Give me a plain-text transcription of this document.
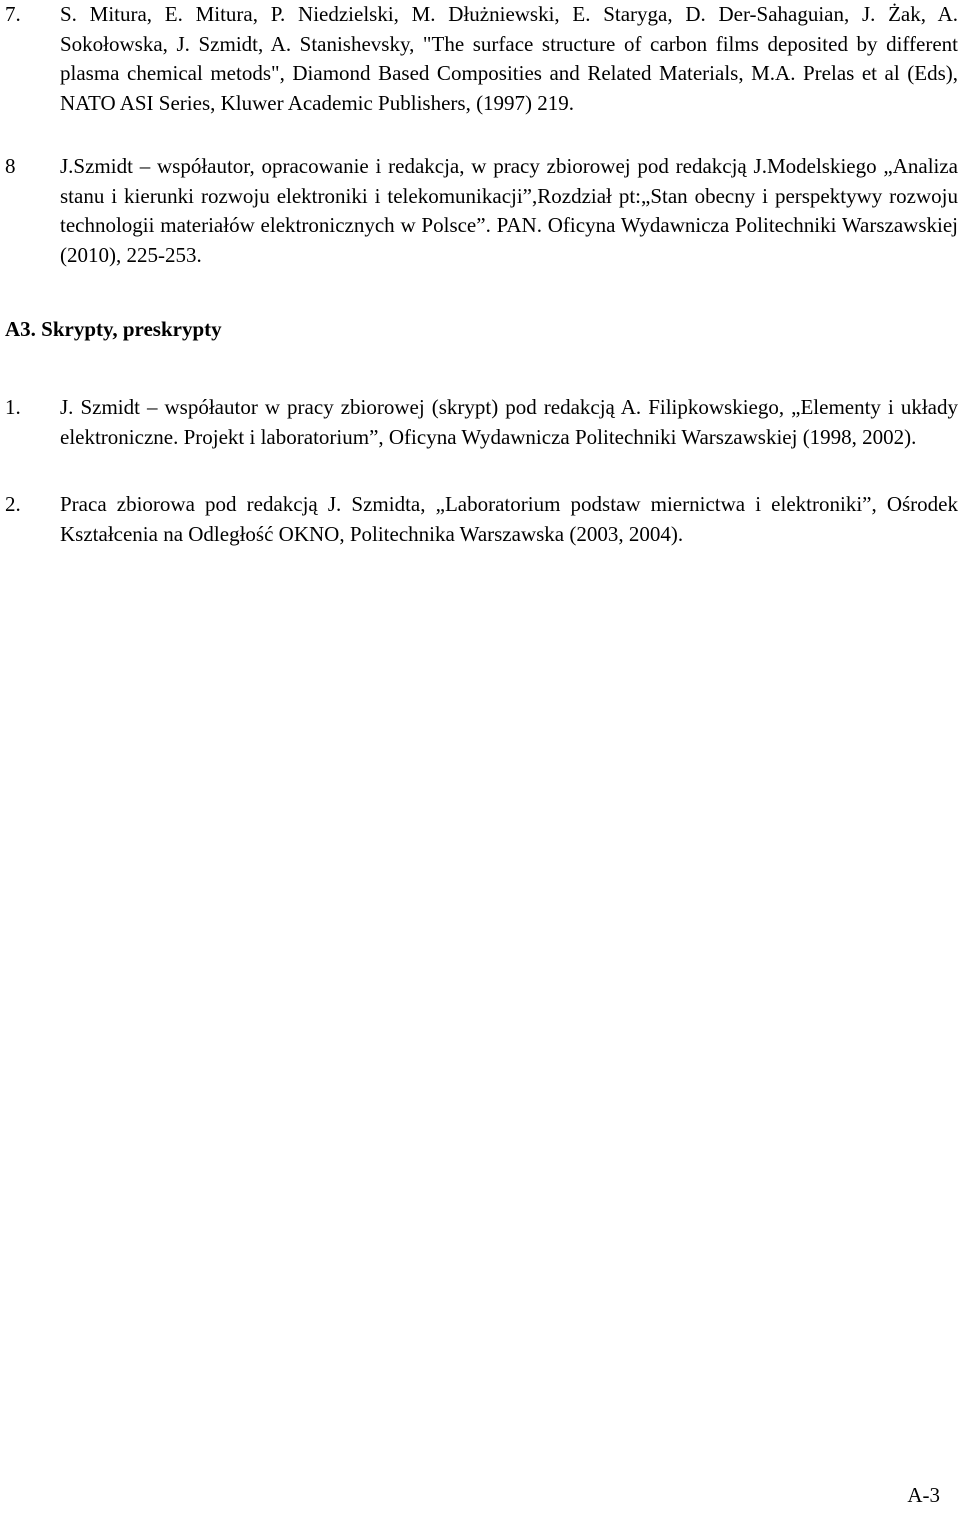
7. S. Mitura, E. Mitura, P. Niedzielski, M. Dłużniewski, E. Staryga, D. Der-Sahaguian, J. Żak, A. Sokołowska, J. Szmidt, A. Stanishevsky, "The surface structure of carbon films deposited by different plasma chemical metods", Diamond Based Composities and Related Materials, M.A. Prelas et al (Eds), NATO ASI Series, Kluwer Academic Publishers, (1997) 219.
8 J.Szmidt – współautor, opracowanie i redakcja, w pracy zbiorowej pod redakcją J.Modelskiego „Analiza stanu i kierunki rozwoju elektroniki i telekomunikacji”,Rozdział pt:„Stan obecny i perspektywy rozwoju technologii materiałów elektronicznych w Polsce”. PAN. Oficyna Wydawnicza Politechniki Warszawskiej (2010), 225-253.
A3. Skrypty, preskrypty
1. J. Szmidt – współautor w pracy zbiorowej (skrypt) pod redakcją A. Filipkowskiego, „Elementy i układy elektroniczne. Projekt i laboratorium”, Oficyna Wydawnicza Politechniki Warszawskiej (1998, 2002).
2. Praca zbiorowa pod redakcją J. Szmidta, „Laboratorium podstaw miernictwa i elektroniki”, Ośrodek Kształcenia na Odległość OKNO, Politechnika Warszawska (2003, 2004).
A-3
